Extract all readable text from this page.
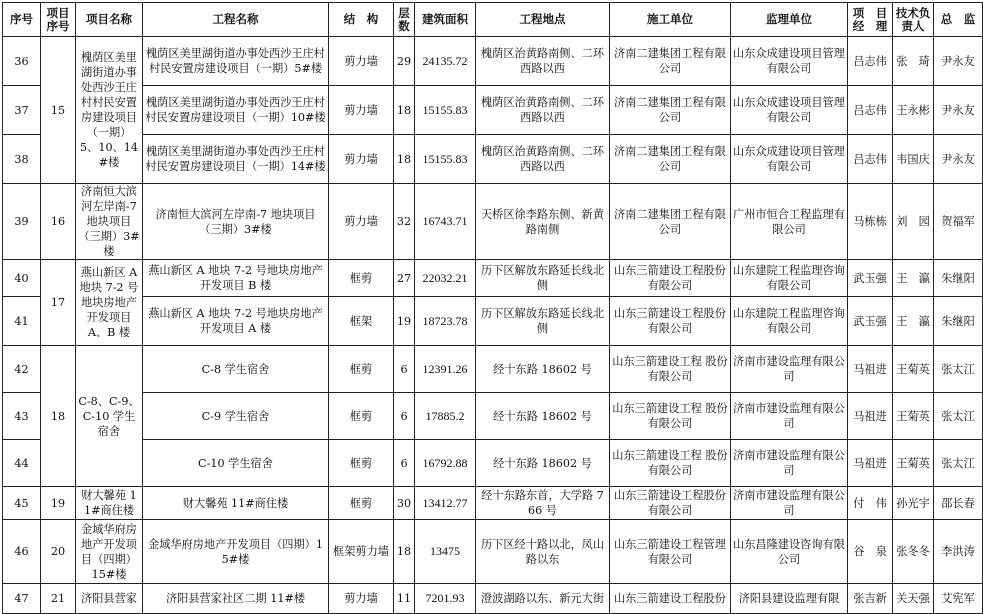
序号	项目序号	项目名称	工程名称	结　构	层数	建筑面积	工程地点	施工单位	监理单位	项　目经　理	技术负责人	总　监
36	15	槐荫区美里湖街道办事处西沙王庄村村民安置房建设项目（一期）5、10、14#楼	槐荫区美里湖街道办事处西沙王庄村村民安置房建设项目（一期）5#楼	剪力墙	29	24135.72	槐荫区治黄路南侧、二环西路以西	济南二建集团工程有限公司	山东众成建设项目管理有限公司	吕志伟	张　琦	尹永友
37			槐荫区美里湖街道办事处西沙王庄村村民安置房建设项目（一期）10#楼	剪力墙	18	15155.83	槐荫区治黄路南侧、二环西路以西	济南二建集团工程有限公司	山东众成建设项目管理有限公司	吕志伟	王永彬	尹永友
38			槐荫区美里湖街道办事处西沙王庄村村民安置房建设项目（一期）14#楼	剪力墙	18	15155.83	槐荫区治黄路南侧、二环西路以西	济南二建集团工程有限公司	山东众成建设项目管理有限公司	吕志伟	韦国庆	尹永友
39	16	济南恒大滨河左岸南-7地块项目（三期）3#楼	济南恒大滨河左岸南-7 地块项目（三期）3#楼	剪力墙	32	16743.71	天桥区徐李路东侧、新黄路南侧	济南二建集团工程有限公司	广州市恒合工程监理有限公司	马栋栋	刘　园	贺福军
40	17	燕山新区 A 地块 7-2 号地块房地产开发项目 A、B 楼	燕山新区 A 地块 7-2 号地块房地产开发项目 B 楼	框剪	27	22032.21	历下区解放东路延长线北侧	山东三箭建设工程股份有限公司	山东建院工程监理咨询有限公司	武玉强	王　瀛	朱继阳
41			燕山新区 A 地块 7-2 号地块房地产开发项目 A 楼	框架	19	18723.78	历下区解放东路延长线北侧	山东三箭建设工程股份有限公司	山东建院工程监理咨询有限公司	武玉强	王　瀛	朱继阳
42	18	C-8、C-9、C-10 学生宿舍	C-8 学生宿舍	框剪	6	12391.26	经十东路 18602 号	山东三箭建设工程 股份有限公司	济南市建设监理有限公司	马祖进	王菊英	张太江
43			C-9 学生宿舍	框剪	6	17885.2	经十东路 18602 号	山东三箭建设工程 股份有限公司	济南市建设监理有限公司	马祖进	王菊英	张太江
44			C-10 学生宿舍	框剪	6	16792.88	经十东路 18602 号	山东三箭建设工程 股份有限公司	济南市建设监理有限公司	马祖进	王菊英	张太江
45	19	财大馨苑 11#商住楼	财大馨苑 11#商住楼	框剪	30	13412.77	经十东路东首，大学路 766 号	山东三箭建设工程股份有限公司	济南市建设监理有限公司	付　伟	孙光宇	邵长春
46	20	金域华府房地产开发项目（四期）15#楼	金域华府房地产开发项目（四期）15#楼	框架剪力墙	18	13475	历下区经十路以北，凤山路以东	山东三箭建设工程管理有限公司	山东昌隆建设咨询有限公司	谷　泉	张冬冬	李洪涛
47	21	济阳县营家	济阳县营家社区二期 11#楼	剪力墙	11	7201.93	澄波湖路以东、新元大街	山东三箭建设工程股份	济阳县建设监理有限	张吉新	关天强	艾宪军
